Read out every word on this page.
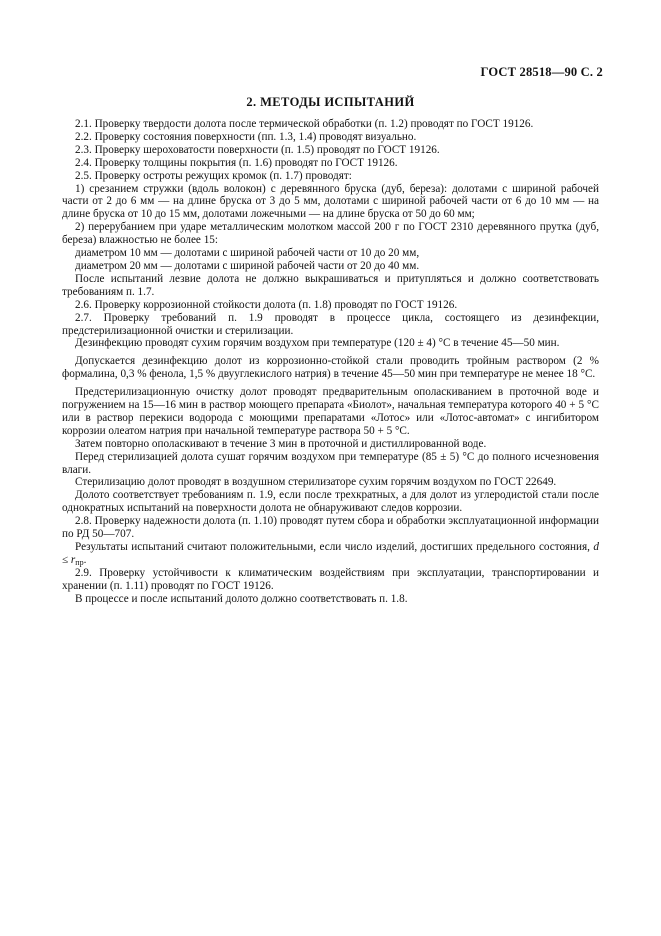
ГОСТ 28518—90 С. 2
2. МЕТОДЫ ИСПЫТАНИЙ

2.1. Проверку твердости долота после термической обработки (п. 1.2) проводят по ГОСТ 19126.

2.2. Проверку состояния поверхности (пп. 1.3, 1.4) проводят визуально.

2.3. Проверку шероховатости поверхности (п. 1.5) проводят по ГОСТ 19126.

2.4. Проверку толщины покрытия (п. 1.6) проводят по ГОСТ 19126.

2.5. Проверку остроты режущих кромок (п. 1.7) проводят:

1) срезанием стружки (вдоль волокон) с деревянного бруска (дуб, береза): долотами с шириной рабочей части от 2 до 6 мм — на длине бруска от 3 до 5 мм, долотами с шириной рабочей части от 6 до 10 мм — на длине бруска от 10 до 15 мм, долотами ложечными — на длине бруска от 50 до 60 мм;

2) перерубанием при ударе металлическим молотком массой 200 г по ГОСТ 2310 деревянного прутка (дуб, береза) влажностью не более 15:

диаметром 10 мм — долотами с шириной рабочей части от 10 до 20 мм,

диаметром 20 мм — долотами с шириной рабочей части от 20 до 40 мм.

После испытаний лезвие долота не должно выкрашиваться и притупляться и должно соответствовать требованиям п. 1.7.

2.6. Проверку коррозионной стойкости долота (п. 1.8) проводят по ГОСТ 19126.

2.7. Проверку требований п. 1.9 проводят в процессе цикла, состоящего из дезинфекции, предстерилизационной очистки и стерилизации.

Дезинфекцию проводят сухим горячим воздухом при температуре (120 ± 4) °С в течение 45—50 мин.

Допускается дезинфекцию долот из коррозионно-стойкой стали проводить тройным раствором (2 % формалина, 0,3 % фенола, 1,5 % двууглекислого натрия) в течение 45—50 мин при температуре не менее 18 °С.

Предстерилизационную очистку долот проводят предварительным ополаскиванием в проточной воде и погружением на 15—16 мин в раствор моющего препарата «Биолот», начальная температура которого 40 + 5 °С или в раствор перекиси водорода с моющими препаратами «Лотос» или «Лотос-автомат» с ингибитором коррозии олеатом натрия при начальной температуре раствора 50 + 5 °С.

Затем повторно ополаскивают в течение 3 мин в проточной и дистиллированной воде.

Перед стерилизацией долота сушат горячим воздухом при температуре (85 ± 5) °С до полного исчезновения влаги.

Стерилизацию долот проводят в воздушном стерилизаторе сухим горячим воздухом по ГОСТ 22649.

Долото соответствует требованиям п. 1.9, если после трехкратных, а для долот из углеродистой стали после однократных испытаний на поверхности долота не обнаруживают следов коррозии.

2.8. Проверку надежности долота (п. 1.10) проводят путем сбора и обработки эксплуатационной информации по РД 50—707.

Результаты испытаний считают положительными, если число изделий, достигших предельного состояния, $d \le r_{пр}$.

2.9. Проверку устойчивости к климатическим воздействиям при эксплуатации, транспортировании и хранении (п. 1.11) проводят по ГОСТ 19126.

В процессе и после испытаний долото должно соответствовать п. 1.8.
